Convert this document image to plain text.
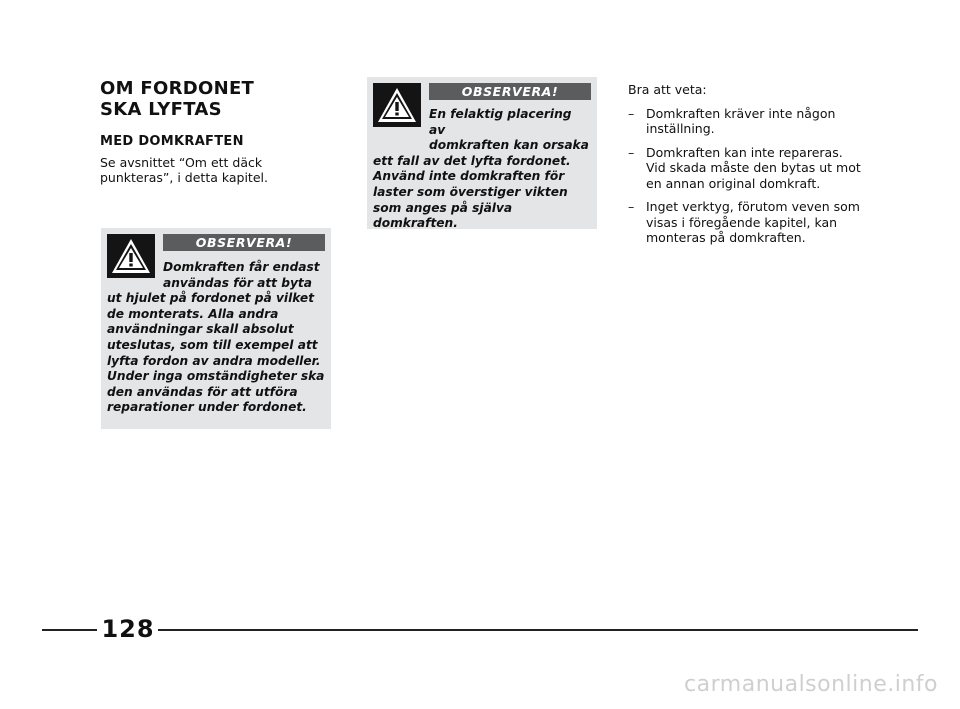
OM FORDONET
SKA LYFTAS
MED DOMKRAFTEN

Se avsnittet “Om ett däck
punkteras”, i detta kapitel.

OBSERVERA!

Domkraften får endast
användas för att byta
ut hjulet på fordonet på vilket
de monterats. Alla andra
användningar skall absolut
uteslutas, som till exempel att
lyfta fordon av andra modeller.
Under inga omständigheter ska
den användas för att utföra
reparationer under fordonet.

OBSERVERA!

En felaktig placering av
domkraften kan orsaka
ett fall av det lyfta fordonet.
Använd inte domkraften för
laster som överstiger vikten
som anges på själva
domkraften.

Bra att veta:

– Domkraften kräver inte någon
inställning.
– Domkraften kan inte repareras.
Vid skada måste den bytas ut mot
en annan original domkraft.
– Inget verktyg, förutom veven som
visas i föregående kapitel, kan
monteras på domkraften.
128
carmanualsonline.info
